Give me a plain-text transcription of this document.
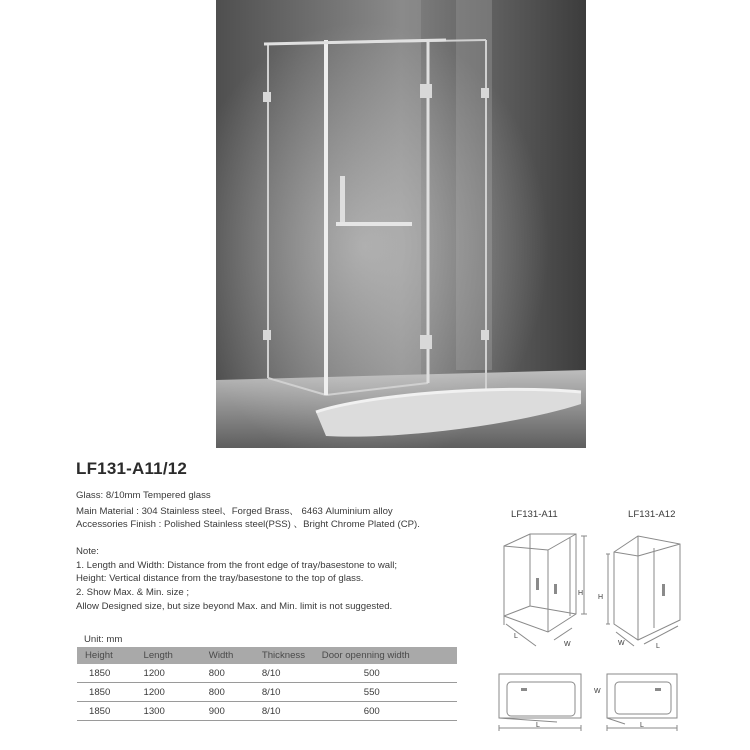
LF131-A11/12
Glass: 8/10mm Tempered glass
Main Material : 304 Stainless steel、Forged Brass、 6463 Aluminium alloy
Accessories Finish : Polished Stainless steel(PSS) 、Bright Chrome Plated (CP).
Note:
1. Length and Width: Distance from the front edge of tray/basestone to wall;
Height: Vertical distance from the tray/basestone to the top of glass.
2. Show Max. & Min. size ;
Allow Designed size, but size beyond Max. and Min. limit is not suggested.
Unit: mm
Height	Length	Width	Thickness	Door openning width
1850	1200	800	8/10	500
1850	1200	800	8/10	550
1850	1300	900	8/10	600
LF131-A11	LF131-A12
H
L
W
H
W	L
L
W
L
